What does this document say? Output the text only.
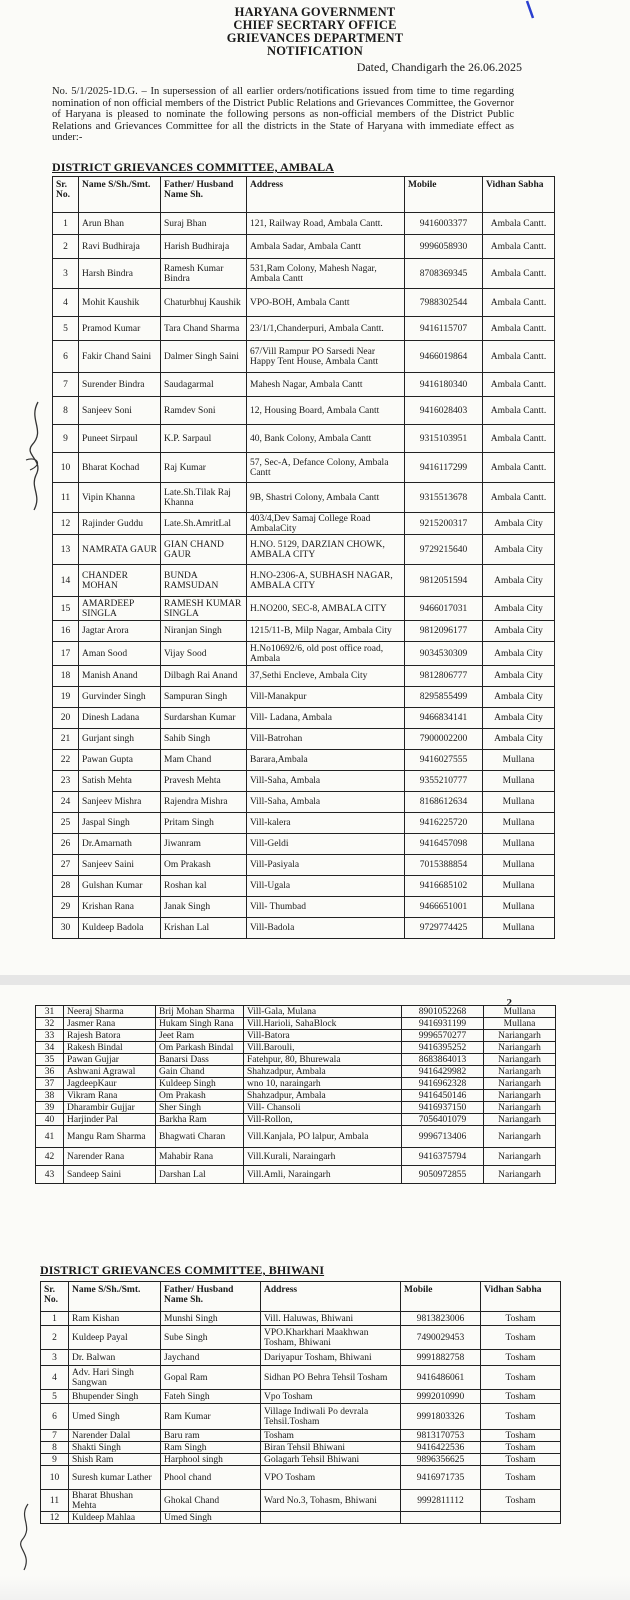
HARYANA GOVERNMENT
CHIEF SECRTARY OFFICE
GRIEVANCES DEPARTMENT
NOTIFICATION
Dated, Chandigarh the 26.06.2025
No. 5/1/2025-1D.G. – In supersession of all earlier orders/notifications issued from time to time regarding nomination of non official members of the District Public Relations and Grievances Committee, the Governor of Haryana is pleased to nominate the following persons as non-official members of the District Public Relations and Grievances Committee for all the districts in the State of Haryana with immediate effect as under:-
DISTRICT GRIEVANCES COMMITTEE, AMBALA
Sr. No.	Name S/Sh./Smt.	Father/ Husband Name Sh.	Address	Mobile	Vidhan Sabha
1	Arun Bhan	Suraj Bhan	121, Railway Road, Ambala Cantt.	9416003377	Ambala Cantt.
2	Ravi Budhiraja	Harish Budhiraja	Ambala Sadar, Ambala Cantt	9996058930	Ambala Cantt.
3	Harsh Bindra	Ramesh Kumar Bindra	531,Ram Colony, Mahesh Nagar, Ambala Cantt	8708369345	Ambala Cantt.
4	Mohit Kaushik	Chaturbhuj Kaushik	VPO-BOH, Ambala Cantt	7988302544	Ambala Cantt.
5	Pramod Kumar	Tara Chand Sharma	23/1/1,Chanderpuri, Ambala Cantt.	9416115707	Ambala Cantt.
6	Fakir Chand Saini	Dalmer Singh Saini	67/Vill Rampur PO Sarsedi Near Happy Tent House, Ambala Cantt	9466019864	Ambala Cantt.
7	Surender Bindra	Saudagarmal	Mahesh Nagar, Ambala Cantt	9416180340	Ambala Cantt.
8	Sanjeev Soni	Ramdev Soni	12, Housing Board, Ambala Cantt	9416028403	Ambala Cantt.
9	Puneet Sirpaul	K.P. Sarpaul	40, Bank Colony, Ambala Cantt	9315103951	Ambala Cantt.
10	Bharat Kochad	Raj Kumar	57, Sec-A, Defance Colony, Ambala Cantt	9416117299	Ambala Cantt.
11	Vipin Khanna	Late.Sh.Tilak Raj Khanna	9B, Shastri Colony, Ambala Cantt	9315513678	Ambala Cantt.
12	Rajinder Guddu	Late.Sh.AmritLal	403/4,Dev Samaj College Road AmbalaCity	9215200317	Ambala City
13	NAMRATA GAUR	GIAN CHAND GAUR	H.NO. 5129, DARZIAN CHOWK, AMBALA CITY	9729215640	Ambala City
14	CHANDER MOHAN	BUNDA RAMSUDAN	H.NO-2306-A, SUBHASH NAGAR, AMBALA CITY	9812051594	Ambala City
15	AMARDEEP SINGLA	RAMESH KUMAR SINGLA	H.NO200, SEC-8, AMBALA CITY	9466017031	Ambala City
16	Jagtar Arora	Niranjan Singh	1215/11-B, Milp Nagar, Ambala City	9812096177	Ambala City
17	Aman Sood	Vijay Sood	H.No10692/6, old post office road, Ambala	9034530309	Ambala City
18	Manish Anand	Dilbagh Rai Anand	37,Sethi Encleve, Ambala City	9812806777	Ambala City
19	Gurvinder Singh	Sampuran Singh	Vill-Manakpur	8295855499	Ambala City
20	Dinesh Ladana	Surdarshan Kumar	Vill- Ladana, Ambala	9466834141	Ambala City
21	Gurjant singh	Sahib Singh	Vill-Batrohan	7900002200	Ambala City
22	Pawan Gupta	Mam Chand	Barara,Ambala	9416027555	Mullana
23	Satish Mehta	Pravesh Mehta	Vill-Saha, Ambala	9355210777	Mullana
24	Sanjeev Mishra	Rajendra Mishra	Vill-Saha, Ambala	8168612634	Mullana
25	Jaspal Singh	Pritam Singh	Vill-kalera	9416225720	Mullana
26	Dr.Amarnath	Jiwanram	Vill-Geldi	9416457098	Mullana
27	Sanjeev Saini	Om Prakash	Vill-Pasiyala	7015388854	Mullana
28	Gulshan Kumar	Roshan kal	Vill-Ugala	9416685102	Mullana
29	Krishan Rana	Janak Singh	Vill- Thumbad	9466651001	Mullana
30	Kuldeep Badola	Krishan Lal	Vill-Badola	9729774425	Mullana
2
31	Neeraj Sharma	Brij Mohan Sharma	Vill-Gala, Mulana	8901052268	Mullana
32	Jasmer Rana	Hukam Singh Rana	Vill.Harioli, SahaBlock	9416931199	Mullana
33	Rajesh Batora	Jeet Ram	Vill-Batora	9996570277	Nariangarh
34	Rakesh Bindal	Om Parkash Bindal	Vill.Barouli,	9416395252	Nariangarh
35	Pawan Gujjar	Banarsi Dass	Fatehpur, 80, Bhurewala	8683864013	Nariangarh
36	Ashwani Agrawal	Gain Chand	Shahzadpur, Ambala	9416429982	Nariangarh
37	JagdeepKaur	Kuldeep Singh	wno 10, naraingarh	9416962328	Nariangarh
38	Vikram Rana	Om Prakash	Shahzadpur, Ambala	9416450146	Nariangarh
39	Dharambir Gujjar	Sher Singh	Vill- Chansoli	9416937150	Nariangarh
40	Harjinder Pal	Barkha Ram	Vill-Rollon,	7056401079	Nariangarh
41	Mangu Ram Sharma	Bhagwati Charan	Vill.Kanjala, PO lalpur, Ambala	9996713406	Nariangarh
42	Narender Rana	Mahabir Rana	Vill.Kurali, Naraingarh	9416375794	Nariangarh
43	Sandeep Saini	Darshan Lal	Vill.Amli, Naraingarh	9050972855	Nariangarh
DISTRICT GRIEVANCES COMMITTEE, BHIWANI
Sr. No.	Name S/Sh./Smt.	Father/ Husband Name Sh.	Address	Mobile	Vidhan Sabha
1	Ram Kishan	Munshi Singh	Vill. Haluwas, Bhiwani	9813823006	Tosham
2	Kuldeep Payal	Sube Singh	VPO.Kharkhari Maakhwan Tosham, Bhiwani	7490029453	Tosham
3	Dr. Balwan	Jaychand	Dariyapur Tosham, Bhiwani	9991882758	Tosham
4	Adv. Hari Singh Sangwan	Gopal Ram	Sidhan PO Behra Tehsil Tosham	9416486061	Tosham
5	Bhupender Singh	Fateh Singh	Vpo Tosham	9992010990	Tosham
6	Umed Singh	Ram Kumar	Village Indiwali Po devrala Tehsil.Tosham	9991803326	Tosham
7	Narender Dalal	Baru ram	Tosham	9813170753	Tosham
8	Shakti Singh	Ram Singh	Biran Tehsil Bhiwani	9416422536	Tosham
9	Shish Ram	Harphool singh	Golagarh Tehsil Bhiwani	9896356625	Tosham
10	Suresh kumar Lather	Phool chand	VPO Tosham	9416971735	Tosham
11	Bharat Bhushan Mehta	Ghokal Chand	Ward No.3, Tohasm, Bhiwani	9992811112	Tosham
12	Kuldeep Mahlaa	Umed Singh			
